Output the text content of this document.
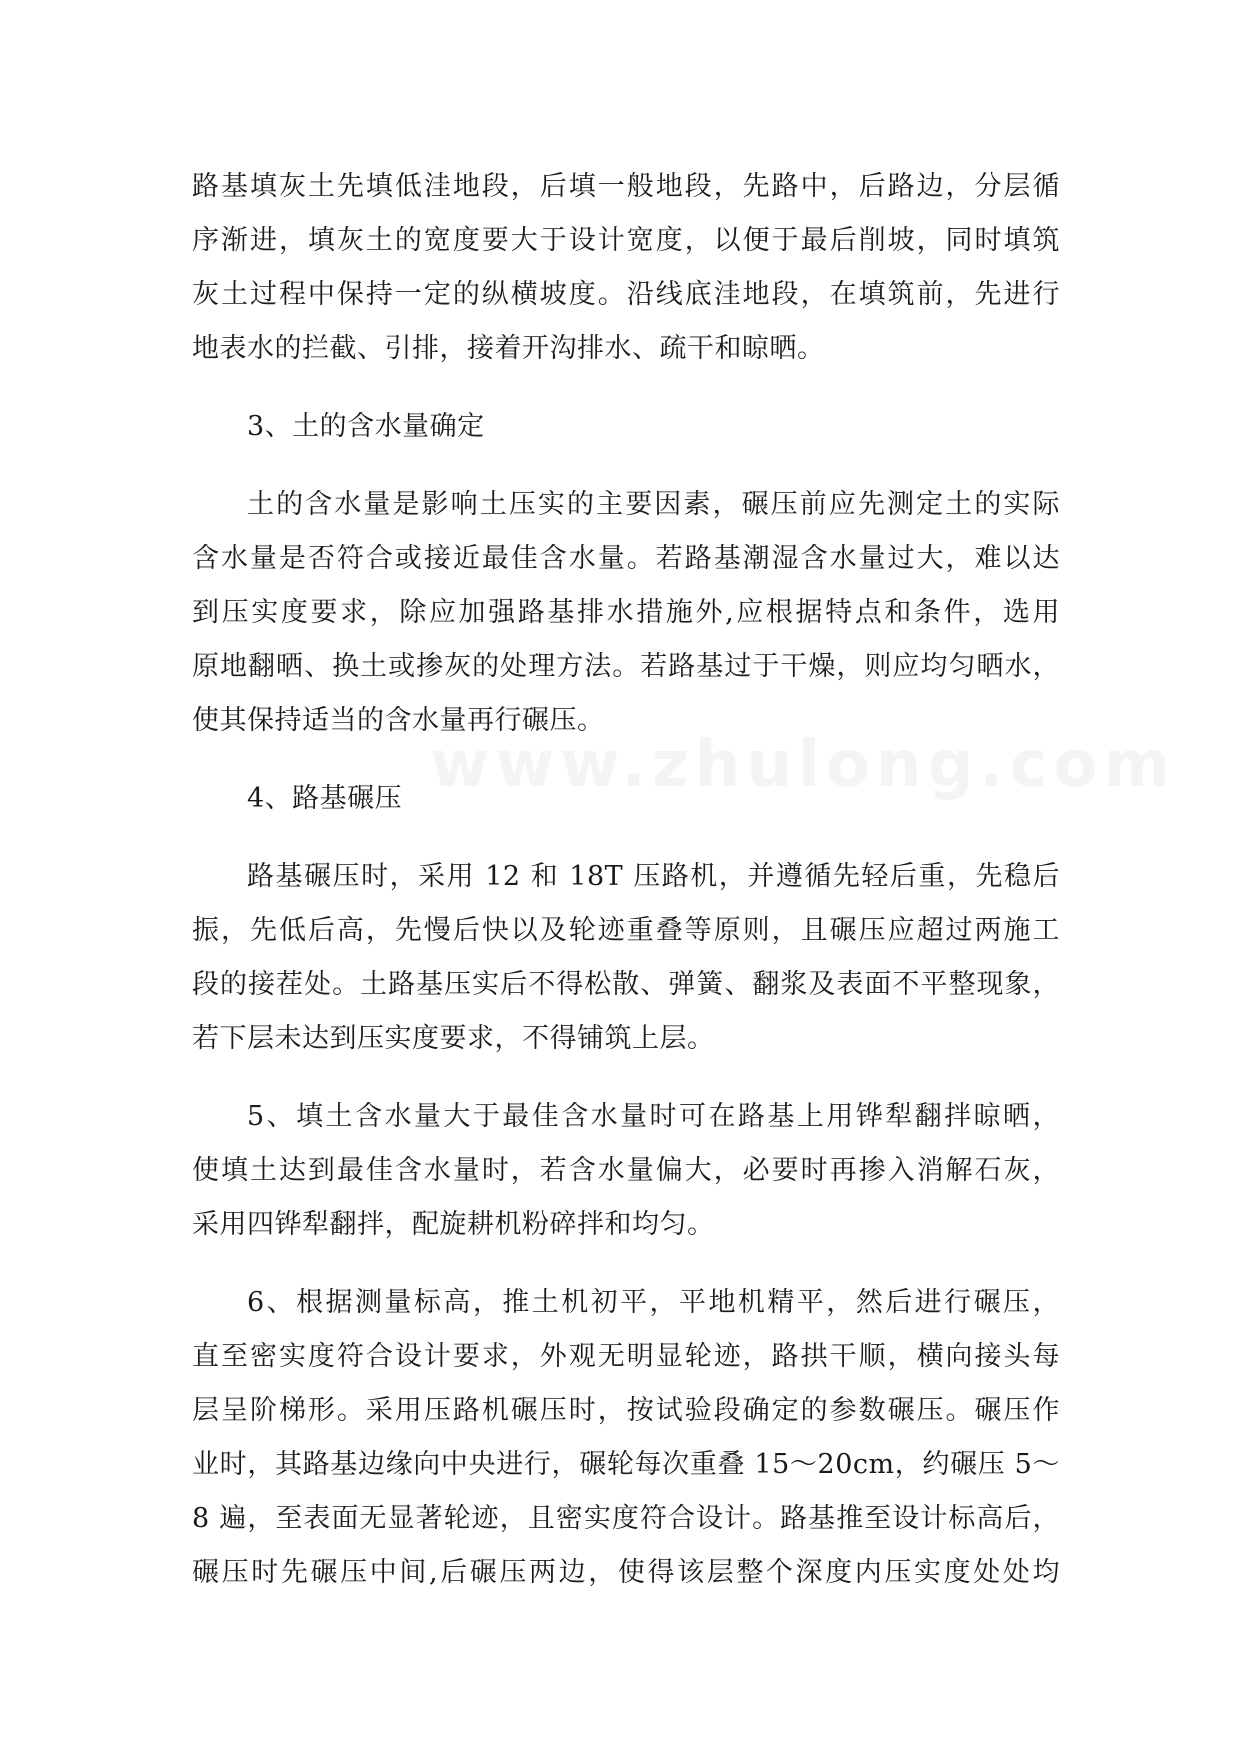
www.zhulong.com
路基填灰土先填低洼地段，后填一般地段，先路中，后路边，分层循
序渐进，填灰土的宽度要大于设计宽度，以便于最后削坡，同时填筑
灰土过程中保持一定的纵横坡度。沿线底洼地段，在填筑前，先进行
地表水的拦截、引排，接着开沟排水、疏干和晾晒。
3、土的含水量确定
土的含水量是影响土压实的主要因素，碾压前应先测定土的实际
含水量是否符合或接近最佳含水量。若路基潮湿含水量过大，难以达
到压实度要求，除应加强路基排水措施外,应根据特点和条件，选用
原地翻晒、换土或掺灰的处理方法。若路基过于干燥，则应均匀晒水，
使其保持适当的含水量再行碾压。
4、路基碾压
路基碾压时，采用 12 和 18T 压路机，并遵循先轻后重，先稳后
振，先低后高，先慢后快以及轮迹重叠等原则，且碾压应超过两施工
段的接茬处。土路基压实后不得松散、弹簧、翻浆及表面不平整现象，
若下层未达到压实度要求，不得铺筑上层。
5、填土含水量大于最佳含水量时可在路基上用铧犁翻拌晾晒，
使填土达到最佳含水量时，若含水量偏大，必要时再掺入消解石灰，
采用四铧犁翻拌，配旋耕机粉碎拌和均匀。
6、根据测量标高，推土机初平，平地机精平，然后进行碾压，
直至密实度符合设计要求，外观无明显轮迹，路拱干顺，横向接头每
层呈阶梯形。采用压路机碾压时，按试验段确定的参数碾压。碾压作
业时，其路基边缘向中央进行，碾轮每次重叠 15～20cm，约碾压 5～
8 遍，至表面无显著轮迹，且密实度符合设计。路基推至设计标高后，
碾压时先碾压中间,后碾压两边，使得该层整个深度内压实度处处均
